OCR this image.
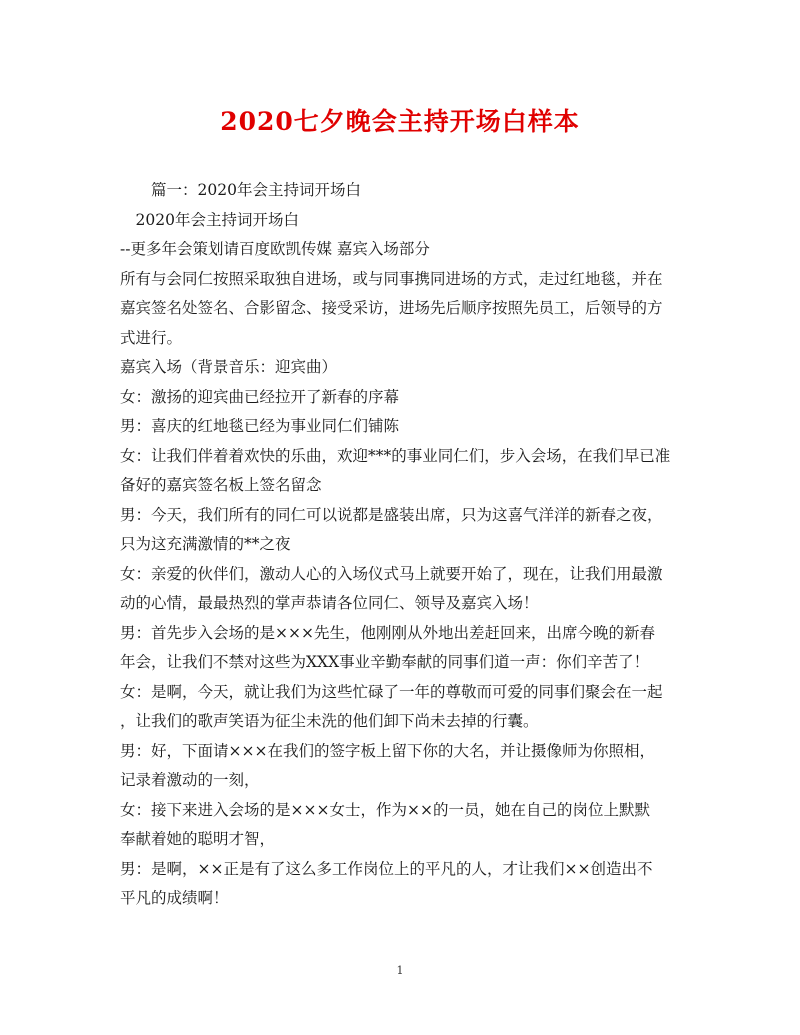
2020七夕晚会主持开场白样本
　　篇一：2020年会主持词开场白
　2020年会主持词开场白
--更多年会策划请百度欧凯传媒 嘉宾入场部分
所有与会同仁按照采取独自进场，或与同事携同进场的方式，走过红地毯，并在
嘉宾签名处签名、合影留念、接受采访，进场先后顺序按照先员工，后领导的方
式进行。
嘉宾入场（背景音乐：迎宾曲）
女：激扬的迎宾曲已经拉开了新春的序幕
男：喜庆的红地毯已经为事业同仁们铺陈
女：让我们伴着着欢快的乐曲，欢迎***的事业同仁们，步入会场，在我们早已准
备好的嘉宾签名板上签名留念
男：今天，我们所有的同仁可以说都是盛装出席，只为这喜气洋洋的新春之夜，
只为这充满激情的**之夜
女：亲爱的伙伴们，激动人心的入场仪式马上就要开始了，现在，让我们用最激
动的心情，最最热烈的掌声恭请各位同仁、领导及嘉宾入场！
男：首先步入会场的是×××先生，他刚刚从外地出差赶回来，出席今晚的新春
年会，让我们不禁对这些为XXX事业辛勤奉献的同事们道一声：你们辛苦了！
女：是啊，今天，就让我们为这些忙碌了一年的尊敬而可爱的同事们聚会在一起
，让我们的歌声笑语为征尘未洗的他们卸下尚未去掉的行囊。
男：好，下面请×××在我们的签字板上留下你的大名，并让摄像师为你照相，
记录着激动的一刻，
女：接下来进入会场的是×××女士，作为××的一员，她在自己的岗位上默默
奉献着她的聪明才智，
男：是啊，××正是有了这么多工作岗位上的平凡的人，才让我们××创造出不
平凡的成绩啊！
1
